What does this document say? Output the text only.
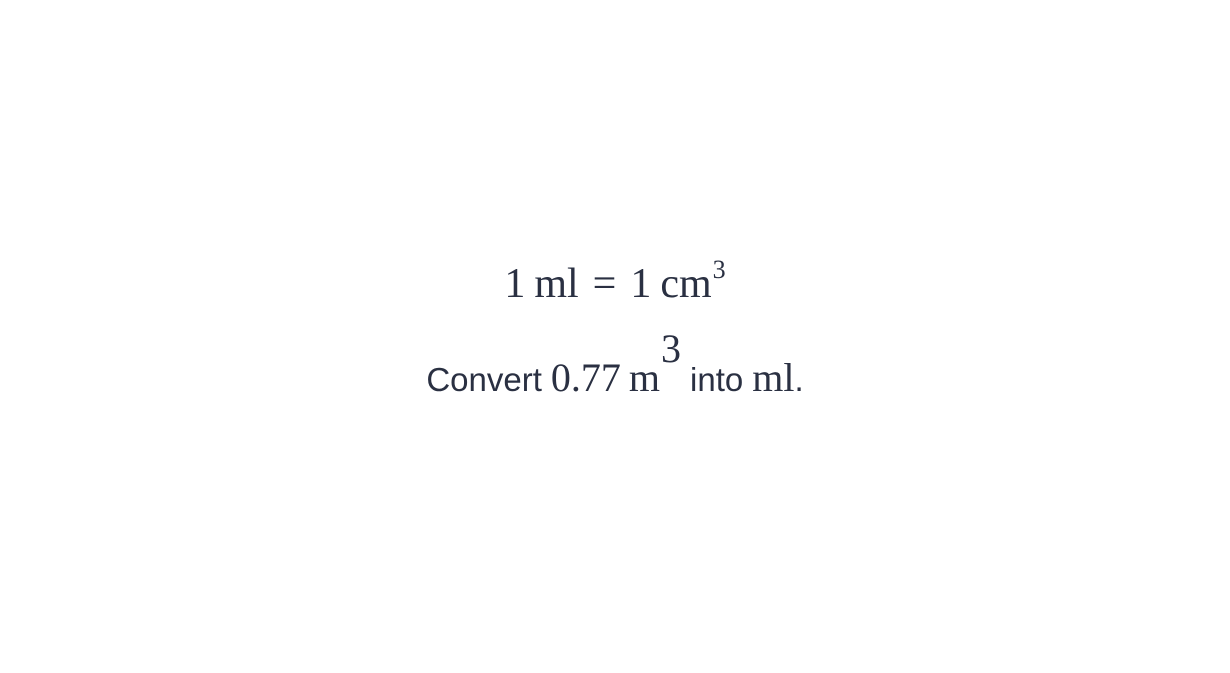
1 ml = 1 $cm^3$
Convert 0.77 m3 into ml.
